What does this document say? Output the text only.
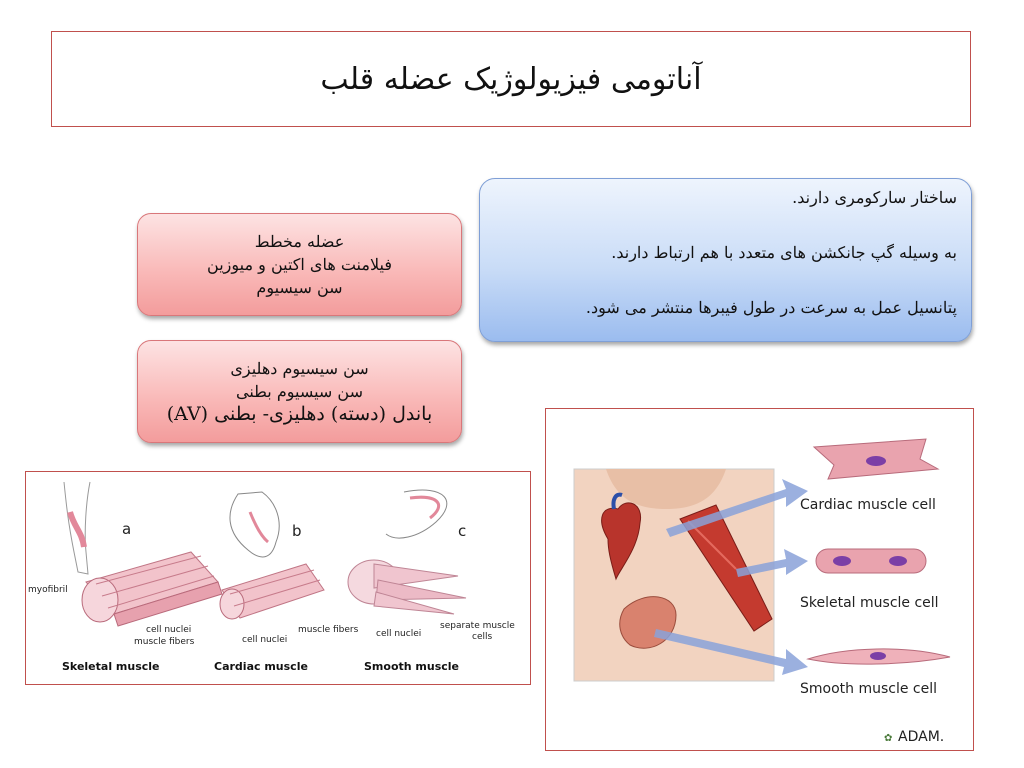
آناتومی فیزیولوژیک عضله قلب

ساختار سارکومری دارند.

به وسیله گپ جانکشن های متعدد با هم ارتباط دارند.

پتانسیل عمل به سرعت در طول فیبرها منتشر می شود.

عضله مخطط
فیلامنت های اکتین و میوزین
سن سیسیوم
سن سیسیوم دهلیزی
سن سیسیوم بطنی
باندل (دسته) دهلیزی- بطنی (AV)
a
myofibril
cell nuclei
muscle fibers
b
cell nuclei
muscle fibers
c
cell nuclei
separate muscle
cells
Skeletal muscle	Cardiac muscle	Smooth muscle
Cardiac muscle cell
Skeletal muscle cell
Smooth muscle cell
✿ ADAM.
